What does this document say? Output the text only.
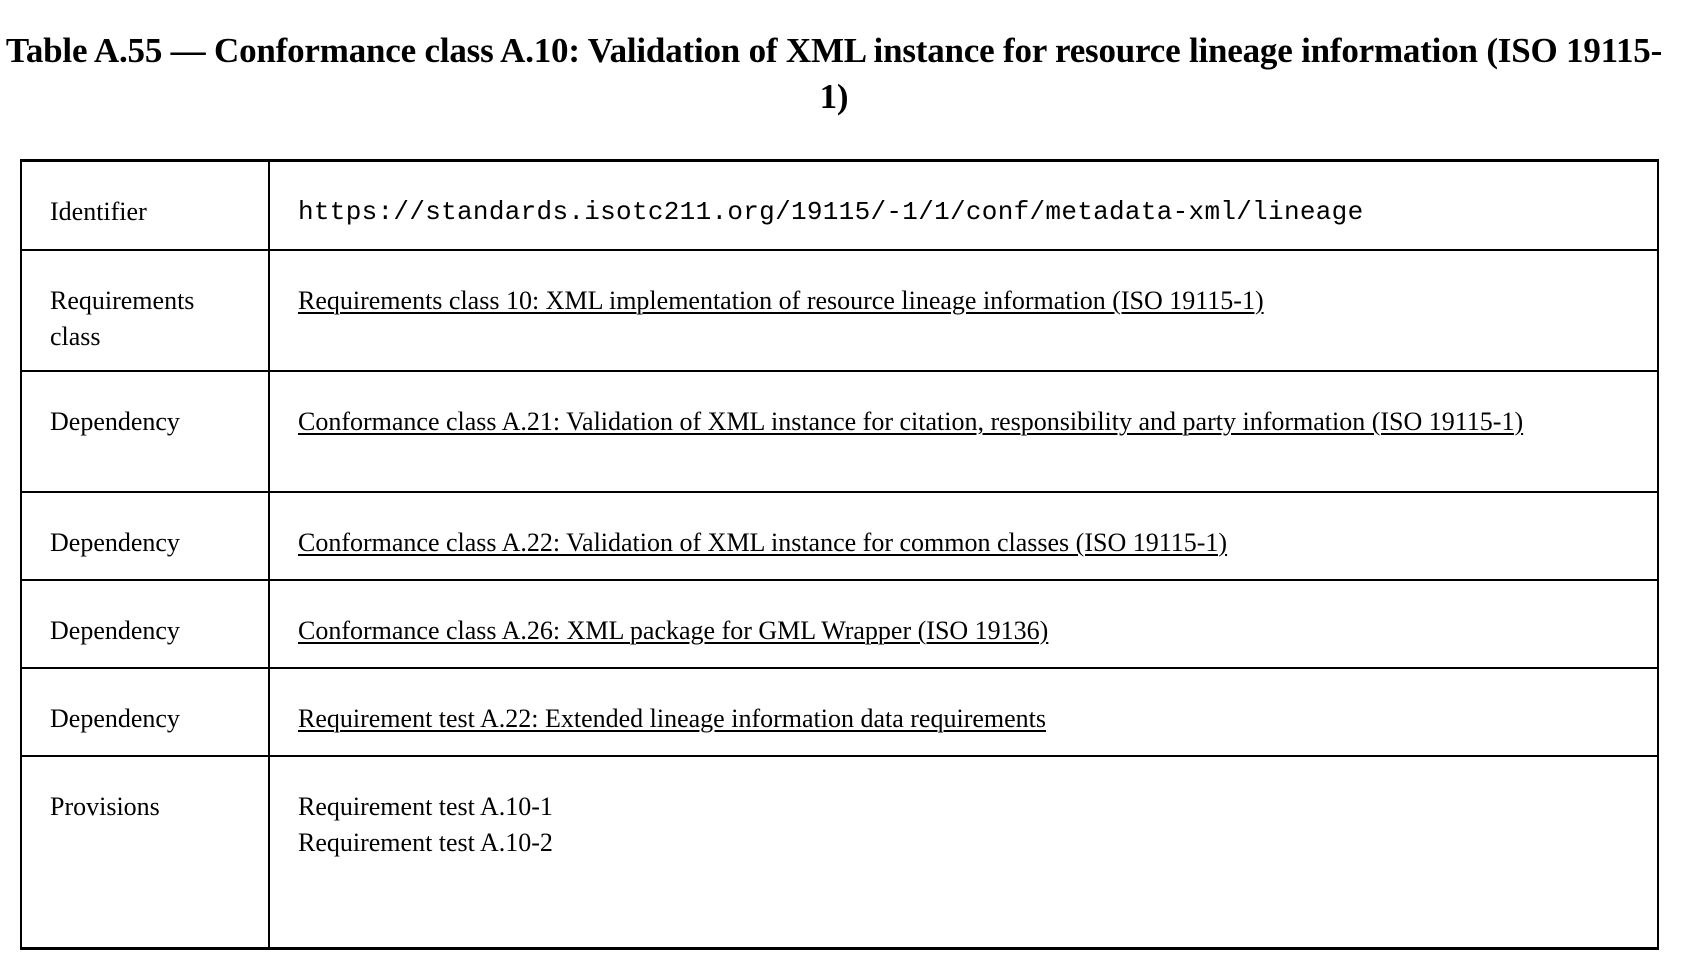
Table A.55 — Conformance class A.10: Validation of XML instance for resource lineage information (ISO 19115-1)
Identifier	https://standards.isotc211.org/19115/-1/1/conf/metadata-xml/lineage
Requirements class	Requirements class 10: XML implementation of resource lineage information (ISO 19115-1)
Dependency	Conformance class A.21: Validation of XML instance for citation, responsibility and party information (ISO 19115-1)
Dependency	Conformance class A.22: Validation of XML instance for common classes (ISO 19115-1)
Dependency	Conformance class A.26: XML package for GML Wrapper (ISO 19136)
Dependency	Requirement test A.22: Extended lineage information data requirements
Provisions	Requirement test A.10-1
Requirement test A.10-2
